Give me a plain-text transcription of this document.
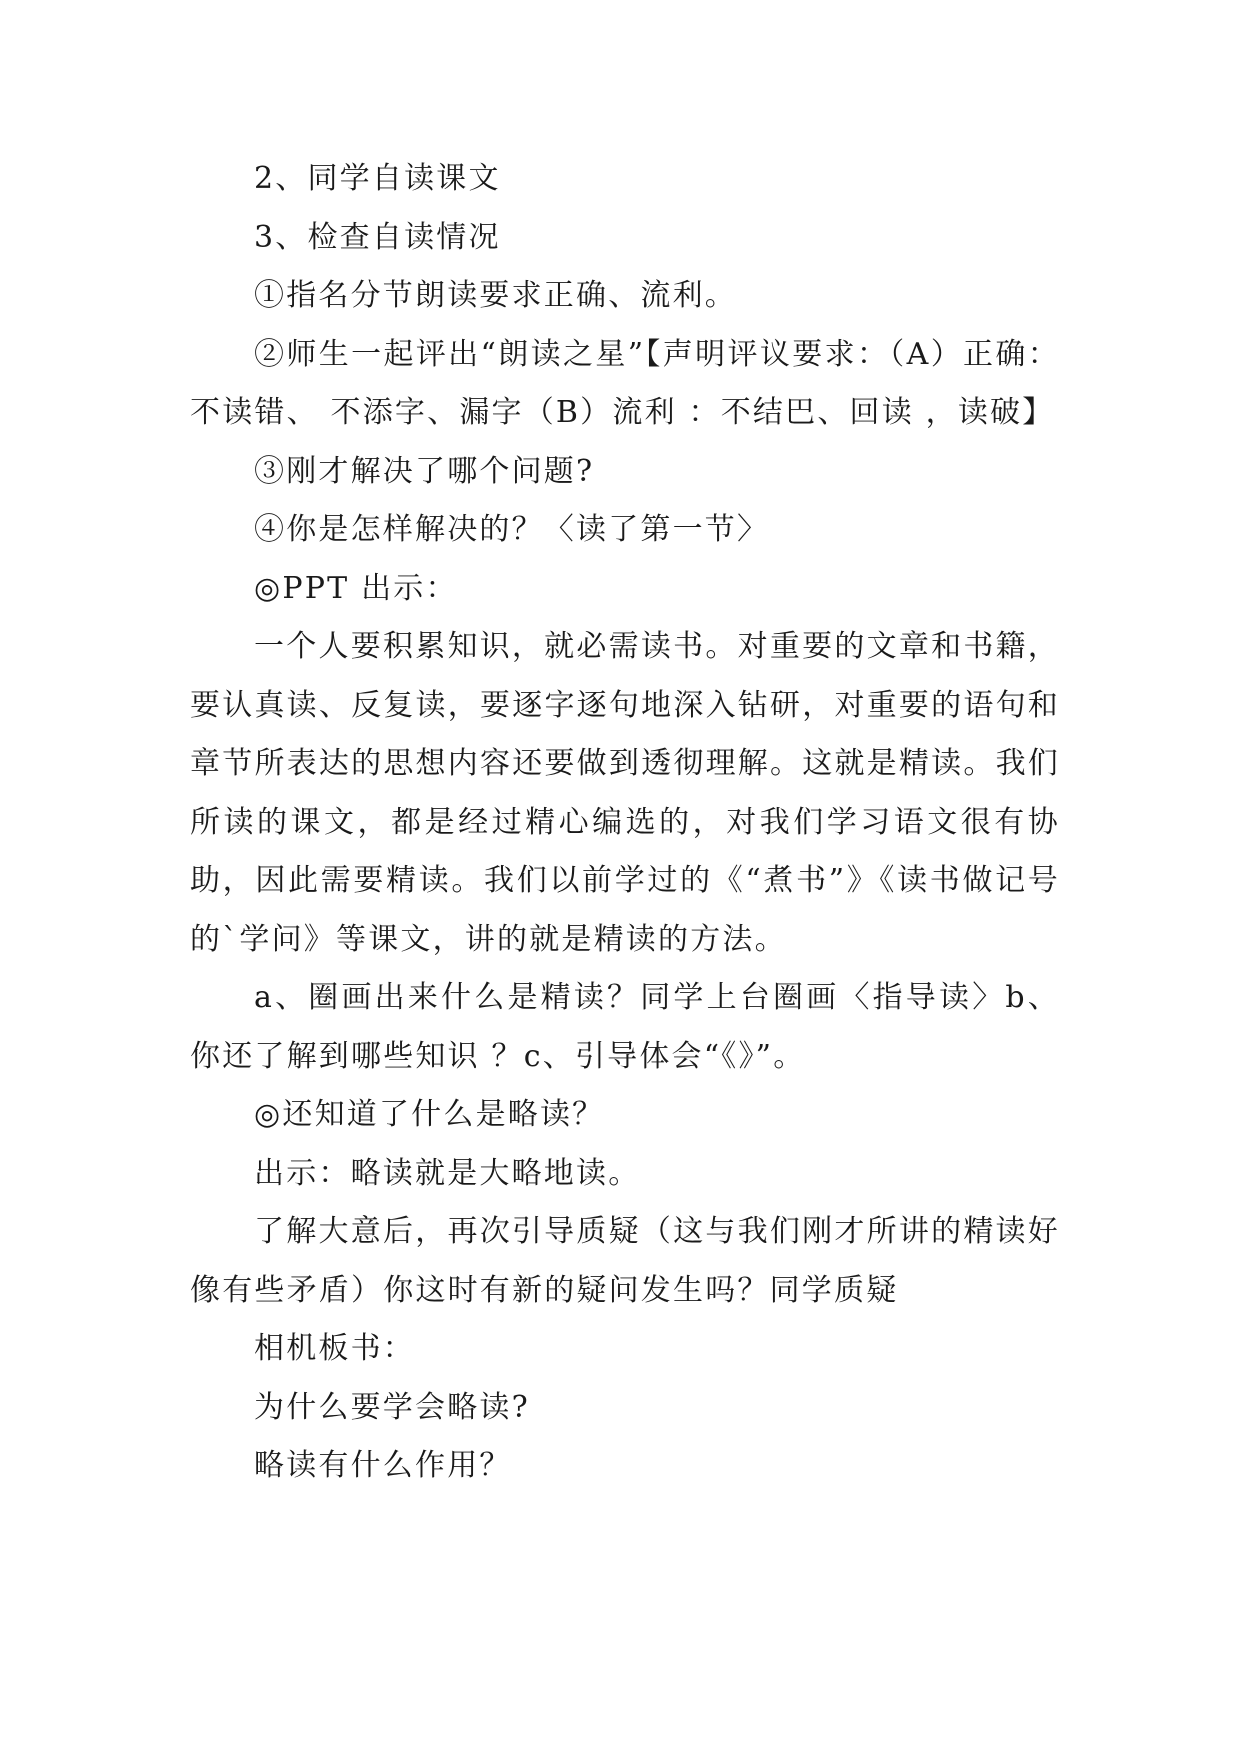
2、同学自读课文

3、检查自读情况

①指名分节朗读要求正确、流利。

②师生一起评出“朗读之星”【声明评议要求：（A）正确： 不读错、 不添字、漏字（B）流利 ：不结巴、回读 ，读破】

③刚才解决了哪个问题?

④你是怎样解决的？〈读了第一节〉

◎PPT 出示：

一个人要积累知识，就必需读书。对重要的文章和书籍，要认真读、反复读，要逐字逐句地深入钻研，对重要的语句和章节所表达的思想内容还要做到透彻理解。这就是精读。我们所读的课文，都是经过精心编选的，对我们学习语文很有协助，因此需要精读。我们以前学过的《“煮书”》《读书做记号的`学问》等课文，讲的就是精读的方法。

a、圈画出来什么是精读？同学上台圈画〈指导读〉b、你还了解到哪些知识 ？c、引导体会“《》”。

◎还知道了什么是略读？

出示：略读就是大略地读。

了解大意后，再次引导质疑（这与我们刚才所讲的精读好像有些矛盾）你这时有新的疑问发生吗？同学质疑

相机板书：

为什么要学会略读?

略读有什么作用？
